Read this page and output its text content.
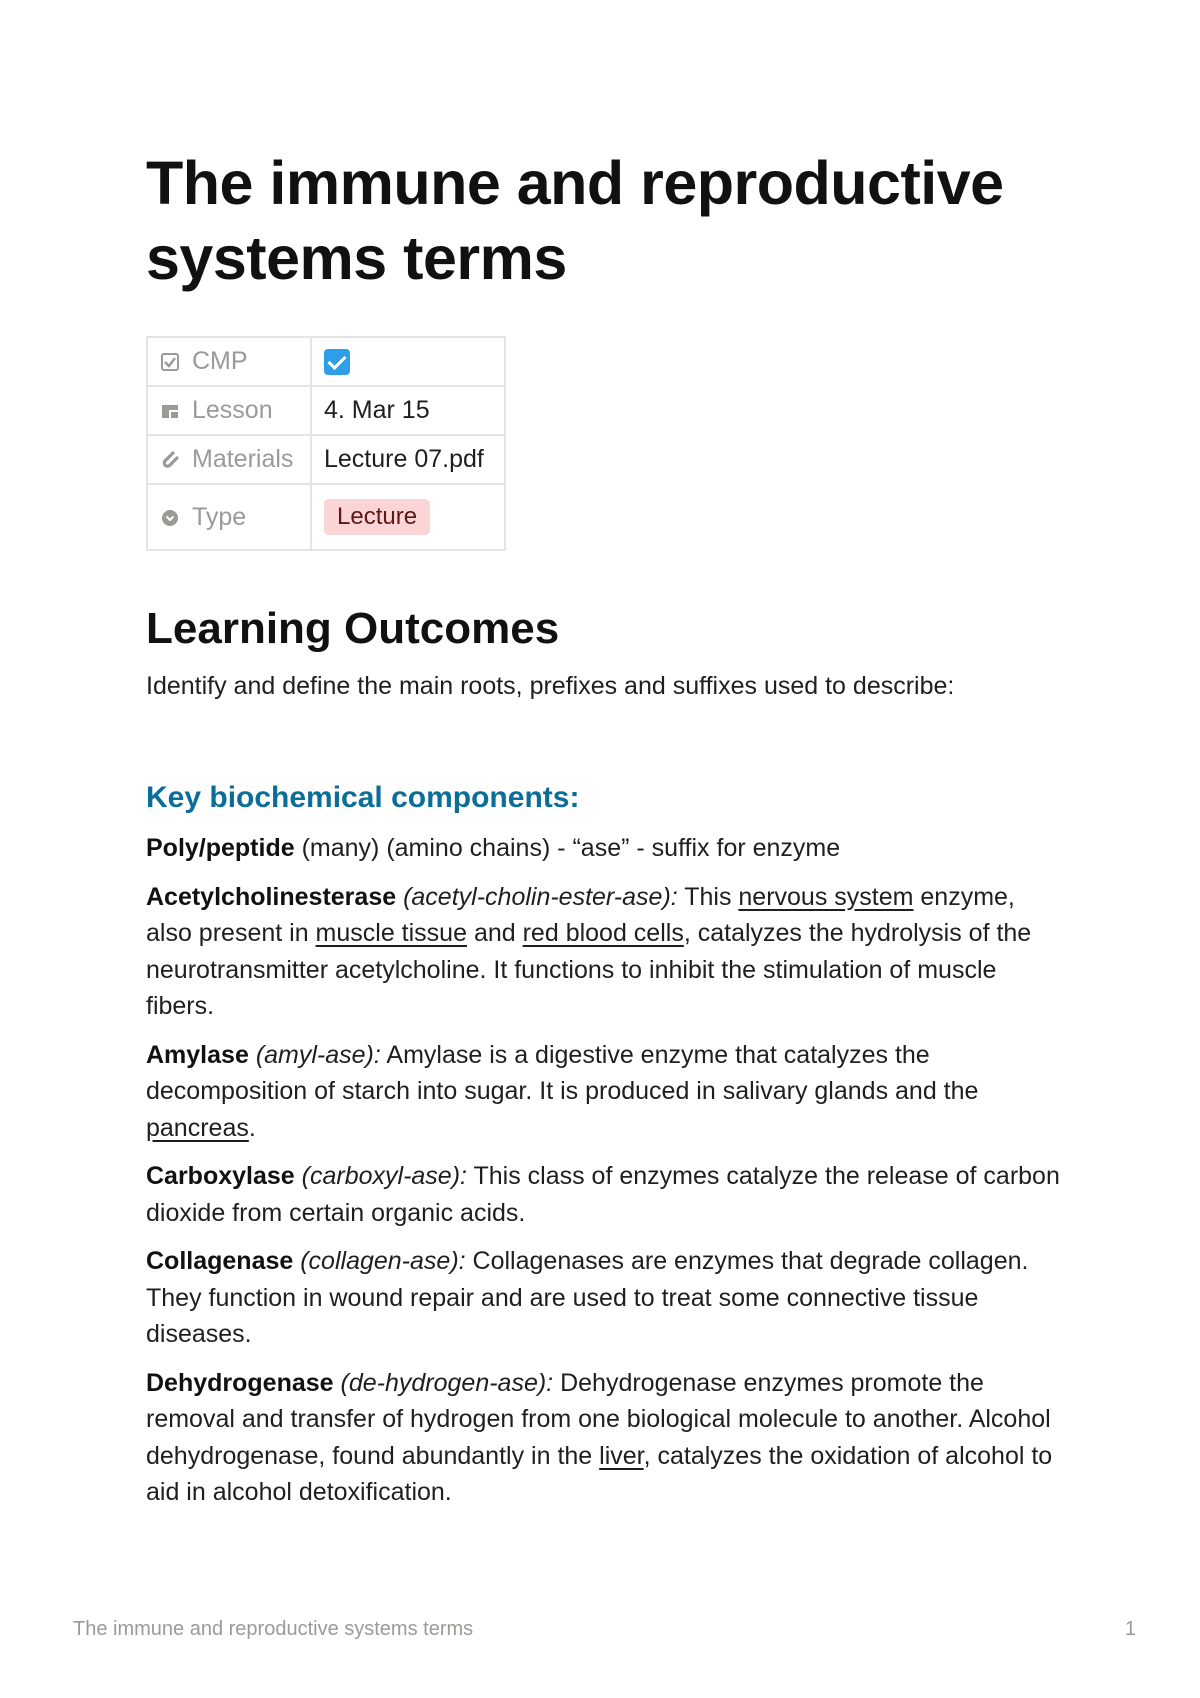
The immune and reproductive systems terms
CMP	
Lesson	4. Mar 15
Materials	Lecture 07.pdf
Type	Lecture
Learning Outcomes
Identify and define the main roots, prefixes and suffixes used to describe:
Key biochemical components:

Poly/peptide (many) (amino chains) - “ase” - suffix for enzyme

Acetylcholinesterase (acetyl-cholin-ester-ase): This nervous system enzyme, also present in muscle tissue and red blood cells, catalyzes the hydrolysis of the neurotransmitter acetylcholine. It functions to inhibit the stimulation of muscle fibers.

Amylase (amyl-ase): Amylase is a digestive enzyme that catalyzes the decomposition of starch into sugar. It is produced in salivary glands and the pancreas.

Carboxylase (carboxyl-ase): This class of enzymes catalyze the release of carbon dioxide from certain organic acids.

Collagenase (collagen-ase): Collagenases are enzymes that degrade collagen. They function in wound repair and are used to treat some connective tissue diseases.

Dehydrogenase (de-hydrogen-ase): Dehydrogenase enzymes promote the removal and transfer of hydrogen from one biological molecule to another. Alcohol dehydrogenase, found abundantly in the liver, catalyzes the oxidation of alcohol to aid in alcohol detoxification.

The immune and reproductive systems terms	1
